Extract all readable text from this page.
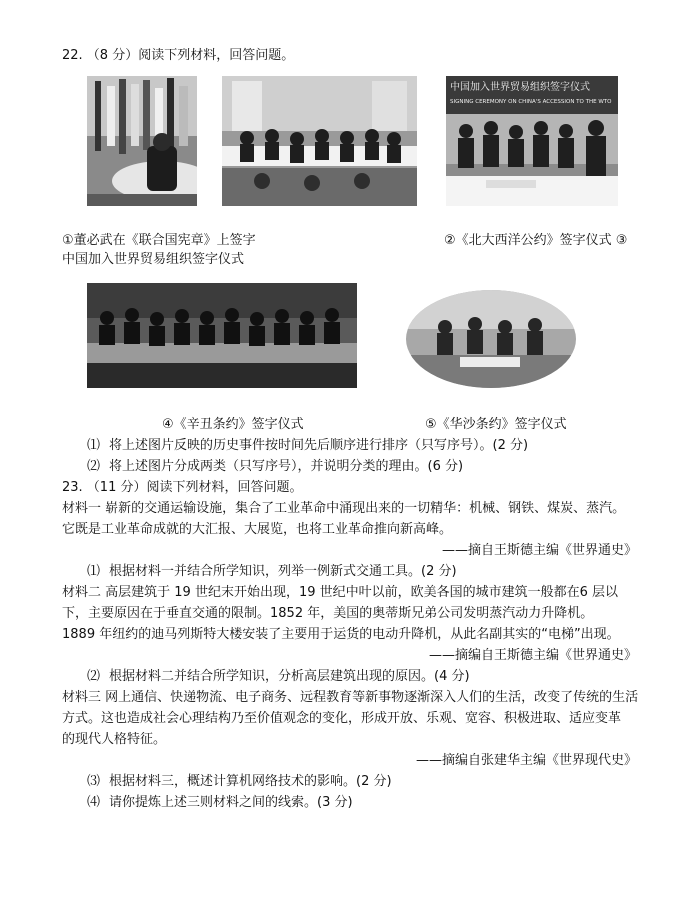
22. （8 分）阅读下列材料，回答问题。
中国加入世界贸易组织签字仪式
SIGNING CEREMONY ON CHINA'S ACCESSION TO THE WTO
①董必武在《联合国宪章》上签字	②《北大西洋公约》签字仪式 ③
中国加入世界贸易组织签字仪式
④《辛丑条约》签字仪式	⑤《华沙条约》签字仪式
⑴ 将上述图片反映的历史事件按时间先后顺序进行排序（只写序号）。(2 分)
⑵ 将上述图片分成两类（只写序号），并说明分类的理由。(6 分)
23. （11 分）阅读下列材料，回答问题。
材料一 崭新的交通运输设施，集合了工业革命中涌现出来的一切精华：机械、钢铁、煤炭、蒸汽。
它既是工业革命成就的大汇报、大展览，也将工业革命推向新高峰。
——摘自王斯德主编《世界通史》
⑴ 根据材料一并结合所学知识，列举一例新式交通工具。(2 分)
材料二 高层建筑于 19 世纪末开始出现，19 世纪中叶以前，欧美各国的城市建筑一般都在6 层以
下，主要原因在于垂直交通的限制。1852 年，美国的奥蒂斯兄弟公司发明蒸汽动力升降机。
1889 年纽约的迪马列斯特大楼安装了主要用于运货的电动升降机，从此名副其实的“电梯”出现。
——摘编自王斯德主编《世界通史》
⑵ 根据材料二并结合所学知识，分析高层建筑出现的原因。(4 分)
材料三 网上通信、快递物流、电子商务、远程教育等新事物逐渐深入人们的生活，改变了传统的生活
方式。这也造成社会心理结构乃至价值观念的变化，形成开放、乐观、宽容、积极进取、适应变革
的现代人格特征。
——摘编自张建华主编《世界现代史》
⑶ 根据材料三，概述计算机网络技术的影响。(2 分)
⑷ 请你提炼上述三则材料之间的线索。(3 分)
